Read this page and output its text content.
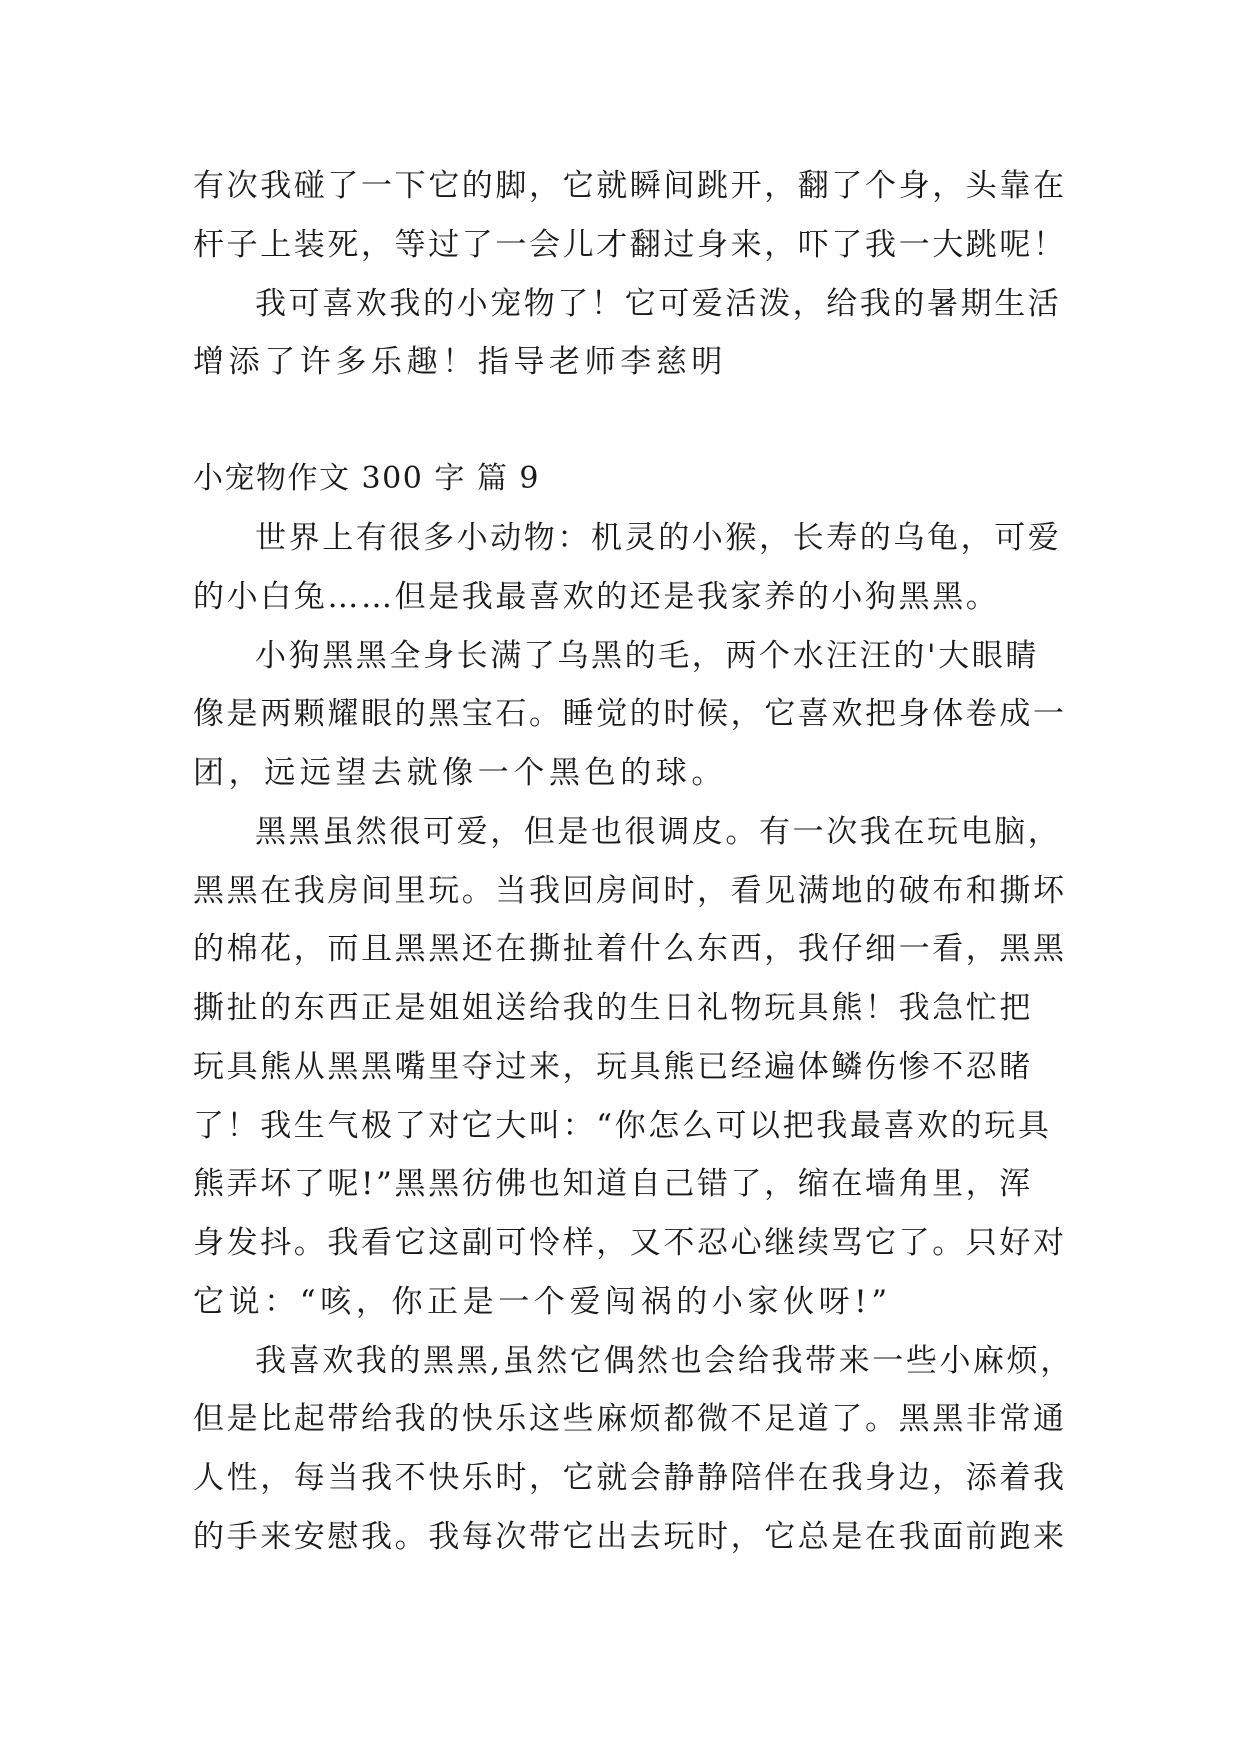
有次我碰了一下它的脚，它就瞬间跳开，翻了个身，头靠在
杆子上装死，等过了一会儿才翻过身来，吓了我一大跳呢！
我可喜欢我的小宠物了！它可爱活泼，给我的暑期生活
增添了许多乐趣！指导老师李慈明
小宠物作文 300 字 篇 9
世界上有很多小动物：机灵的小猴，长寿的乌龟，可爱
的小白兔……但是我最喜欢的还是我家养的小狗黑黑。
小狗黑黑全身长满了乌黑的毛，两个水汪汪的'大眼睛
像是两颗耀眼的黑宝石。睡觉的时候，它喜欢把身体卷成一
团，远远望去就像一个黑色的球。
黑黑虽然很可爱，但是也很调皮。有一次我在玩电脑，
黑黑在我房间里玩。当我回房间时，看见满地的破布和撕坏
的棉花，而且黑黑还在撕扯着什么东西，我仔细一看，黑黑
撕扯的东西正是姐姐送给我的生日礼物玩具熊！我急忙把
玩具熊从黑黑嘴里夺过来，玩具熊已经遍体鳞伤惨不忍睹
了！我生气极了对它大叫：“你怎么可以把我最喜欢的玩具
熊弄坏了呢!”黑黑彷佛也知道自己错了，缩在墙角里，浑
身发抖。我看它这副可怜样，又不忍心继续骂它了。只好对
它说：“咳，你正是一个爱闯祸的小家伙呀!”
我喜欢我的黑黑,虽然它偶然也会给我带来一些小麻烦，
但是比起带给我的快乐这些麻烦都微不足道了。黑黑非常通
人性，每当我不快乐时，它就会静静陪伴在我身边，添着我
的手来安慰我。我每次带它出去玩时，它总是在我面前跑来
